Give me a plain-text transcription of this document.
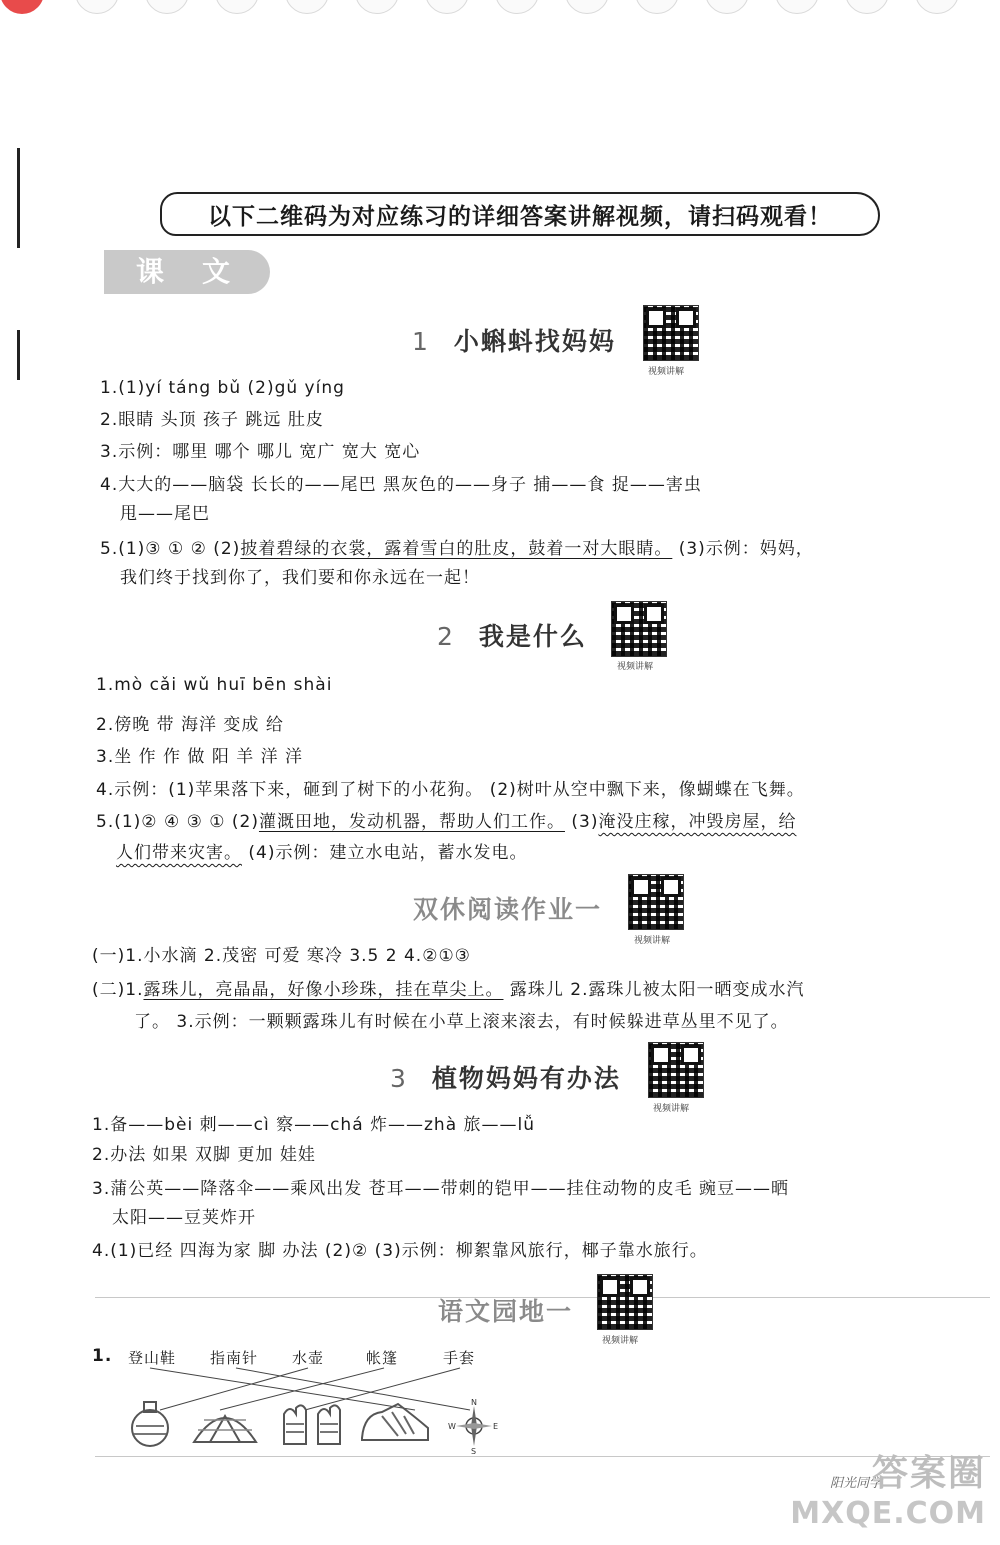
以下二维码为对应练习的详细答案讲解视频，请扫码观看！
课文
1 小蝌蚪找妈妈
视频讲解
1.(1)yí táng bǔ (2)gǔ yíng
2.眼睛 头顶 孩子 跳远 肚皮
3.示例：哪里 哪个 哪儿 宽广 宽大 宽心
4.大大的——脑袋 长长的——尾巴 黑灰色的——身子 捕——食 捉——害虫
甩——尾巴
5.(1)③ ① ② (2)披着碧绿的衣裳，露着雪白的肚皮，鼓着一对大眼睛。 (3)示例：妈妈，
我们终于找到你了，我们要和你永远在一起！
2 我是什么
视频讲解
1.mò cǎi wǔ huī bēn shài
2.傍晚 带 海洋 变成 给
3.坐 作 作 做 阳 羊 洋 洋
4.示例：(1)苹果落下来，砸到了树下的小花狗。 (2)树叶从空中飘下来，像蝴蝶在飞舞。
5.(1)② ④ ③ ① (2)灌溉田地，发动机器，帮助人们工作。 (3)淹没庄稼，冲毁房屋，给
人们带来灾害。 (4)示例：建立水电站，蓄水发电。
双休阅读作业一
视频讲解
(一)1.小水滴 2.茂密 可爱 寒冷 3.5 2 4.②①③
(二)1.露珠儿，亮晶晶，好像小珍珠，挂在草尖上。 露珠儿 2.露珠儿被太阳一晒变成水汽
了。 3.示例：一颗颗露珠儿有时候在小草上滚来滚去，有时候躲进草丛里不见了。
3 植物妈妈有办法
视频讲解
1.备——bèi 刺——cì 察——chá 炸——zhà 旅——lǚ
2.办法 如果 双脚 更加 娃娃
3.蒲公英——降落伞——乘风出发 苍耳——带刺的铠甲——挂住动物的皮毛 豌豆——晒
太阳——豆荚炸开
4.(1)已经 四海为家 脚 办法 (2)② (3)示例：柳絮靠风旅行，椰子靠水旅行。
语文园地一
视频讲解
1. 登山鞋 指南针 水壶	帐篷	手套
N
W	E
S
阳光同学
答案圈
MXQE.COM
